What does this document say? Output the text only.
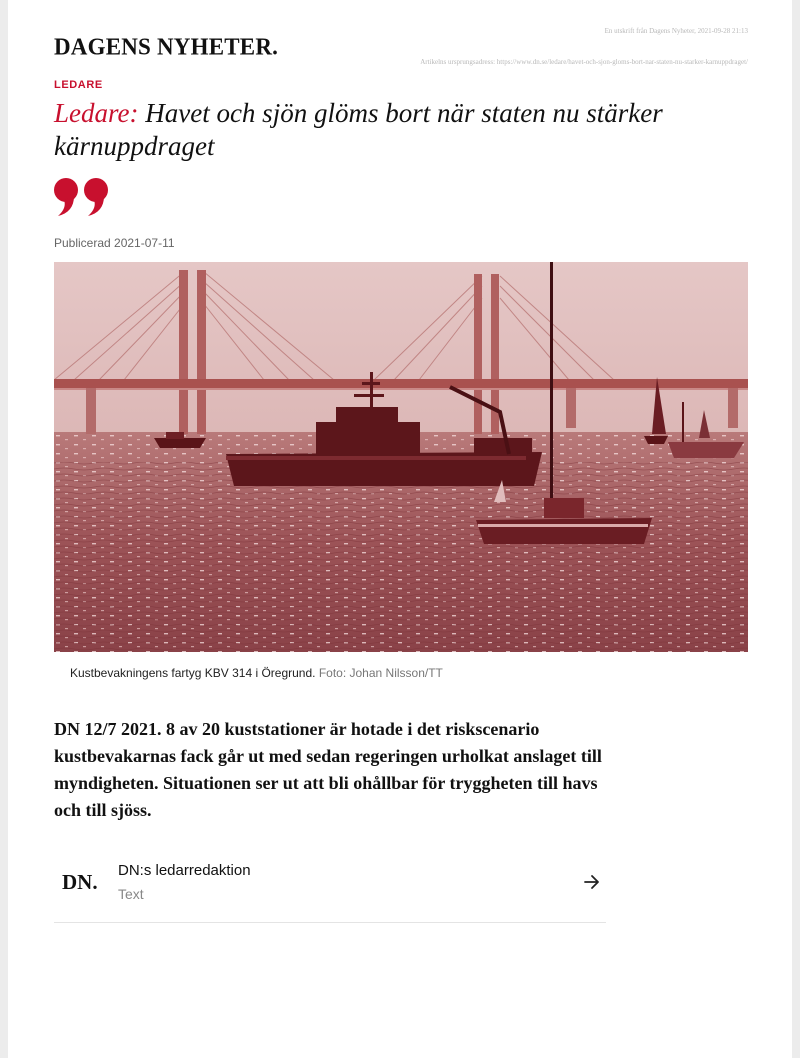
DAGENS NYHETER.
En utskrift från Dagens Nyheter, 2021-09-28 21:13
Artikelns ursprungsadress: https://www.dn.se/ledare/havet-och-sjon-gloms-bort-nar-staten-nu-starker-karnuppdraget/
LEDARE
Ledare: Havet och sjön glöms bort när staten nu stärker kärnuppdraget
Publicerad 2021-07-11
Kustbevakningens fartyg KBV 314 i Öregrund. Foto: Johan Nilsson/TT

DN 12/7 2021. 8 av 20 kuststationer är hotade i det riskscenario kustbevakarnas fack går ut med sedan regeringen urholkat anslaget till myndigheten. Situationen ser ut att bli ohållbar för tryggheten till havs och till sjöss.

DN. DN:s ledarredaktion
Text
